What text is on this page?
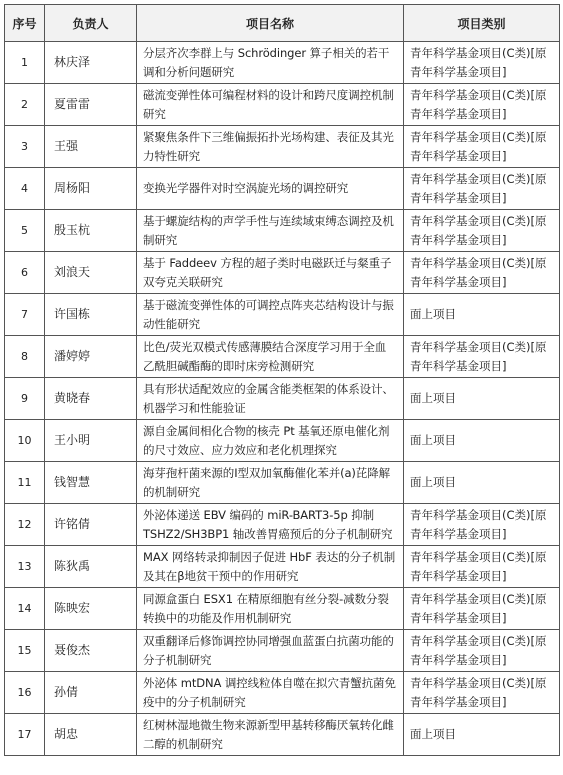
序号	负责人	项目名称	项目类别
1	林庆泽	分层齐次李群上与 Schrödinger 算子相关的若干调和分析问题研究	青年科学基金项目(C类)[原青年科学基金项目]
2	夏雷雷	磁流变弹性体可编程材料的设计和跨尺度调控机制研究	青年科学基金项目(C类)[原青年科学基金项目]
3	王强	紧聚焦条件下三维偏振拓扑光场构建、表征及其光力特性研究	青年科学基金项目(C类)[原青年科学基金项目]
4	周杨阳	变换光学器件对时空涡旋光场的调控研究	青年科学基金项目(C类)[原青年科学基金项目]
5	殷玉杭	基于螺旋结构的声学手性与连续域束缚态调控及机制研究	青年科学基金项目(C类)[原青年科学基金项目]
6	刘浪天	基于 Faddeev 方程的超子类时电磁跃迁与粲重子双夸克关联研究	青年科学基金项目(C类)[原青年科学基金项目]
7	许国栋	基于磁流变弹性体的可调控点阵夹芯结构设计与振动性能研究	面上项目
8	潘婷婷	比色/荧光双模式传感薄膜结合深度学习用于全血乙酰胆碱酯酶的即时床旁检测研究	青年科学基金项目(C类)[原青年科学基金项目]
9	黄晓春	具有形状适配效应的金属含能类框架的体系设计、机器学习和性能验证	面上项目
10	王小明	源自金属间相化合物的核壳 Pt 基氧还原电催化剂的尺寸效应、应力效应和老化机理探究	面上项目
11	钱智慧	海芽孢杆菌来源的I型双加氧酶催化苯并(a)芘降解的机制研究	面上项目
12	许铭倩	外泌体递送 EBV 编码的 miR-BART3-5p 抑制 TSHZ2/SH3BP1 轴改善胃癌预后的分子机制研究	青年科学基金项目(C类)[原青年科学基金项目]
13	陈狄禹	MAX 网络转录抑制因子促进 HbF 表达的分子机制及其在β地贫干预中的作用研究	青年科学基金项目(C类)[原青年科学基金项目]
14	陈映宏	同源盒蛋白 ESX1 在精原细胞有丝分裂-减数分裂转换中的功能及作用机制研究	青年科学基金项目(C类)[原青年科学基金项目]
15	聂俊杰	双重翻译后修饰调控协同增强血蓝蛋白抗菌功能的分子机制研究	青年科学基金项目(C类)[原青年科学基金项目]
16	孙倩	外泌体 mtDNA 调控线粒体自噬在拟穴青蟹抗菌免疫中的分子机制研究	青年科学基金项目(C类)[原青年科学基金项目]
17	胡忠	红树林湿地微生物来源新型甲基转移酶厌氧转化雌二醇的机制研究	面上项目
